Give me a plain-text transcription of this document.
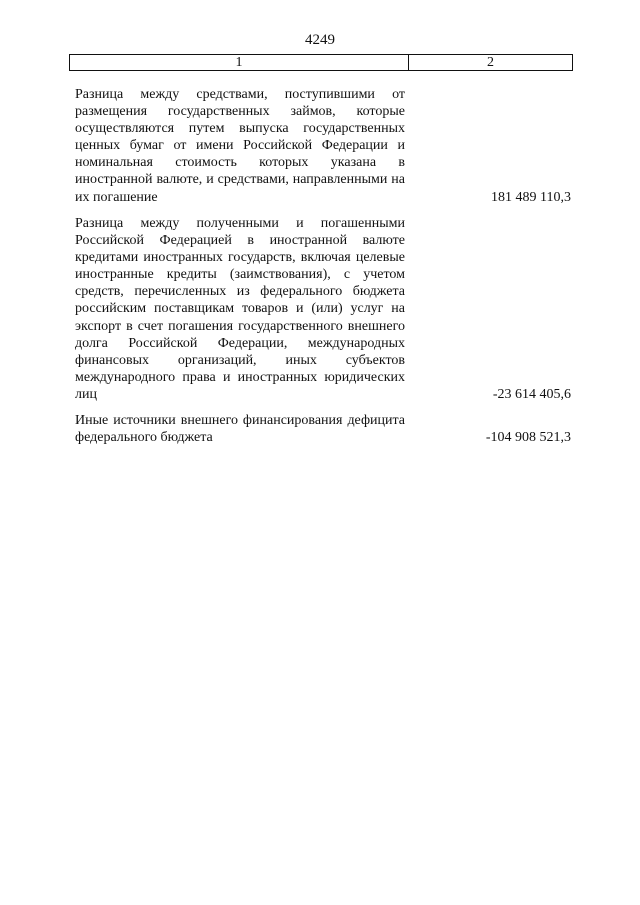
4249
1	2
Разница между средствами, поступившими от размещения государственных займов, которые осуществляются путем выпуска государственных ценных бумаг от имени Российской Федерации и номинальная стоимость которых указана в иностранной валюте, и средствами, направленными на их погашение	181 489 110,3
Разница между полученными и погашенными Российской Федерацией в иностранной валюте кредитами иностранных государств, включая целевые иностранные кредиты (заимствования), с учетом средств, перечисленных из федерального бюджета российским поставщикам товаров и (или) услуг на экспорт в счет погашения государственного внешнего долга Российской Федерации, международных финансовых организаций, иных субъектов международного права и иностранных юридических лиц	-23 614 405,6
Иные источники внешнего финансирования дефицита федерального бюджета	-104 908 521,3
